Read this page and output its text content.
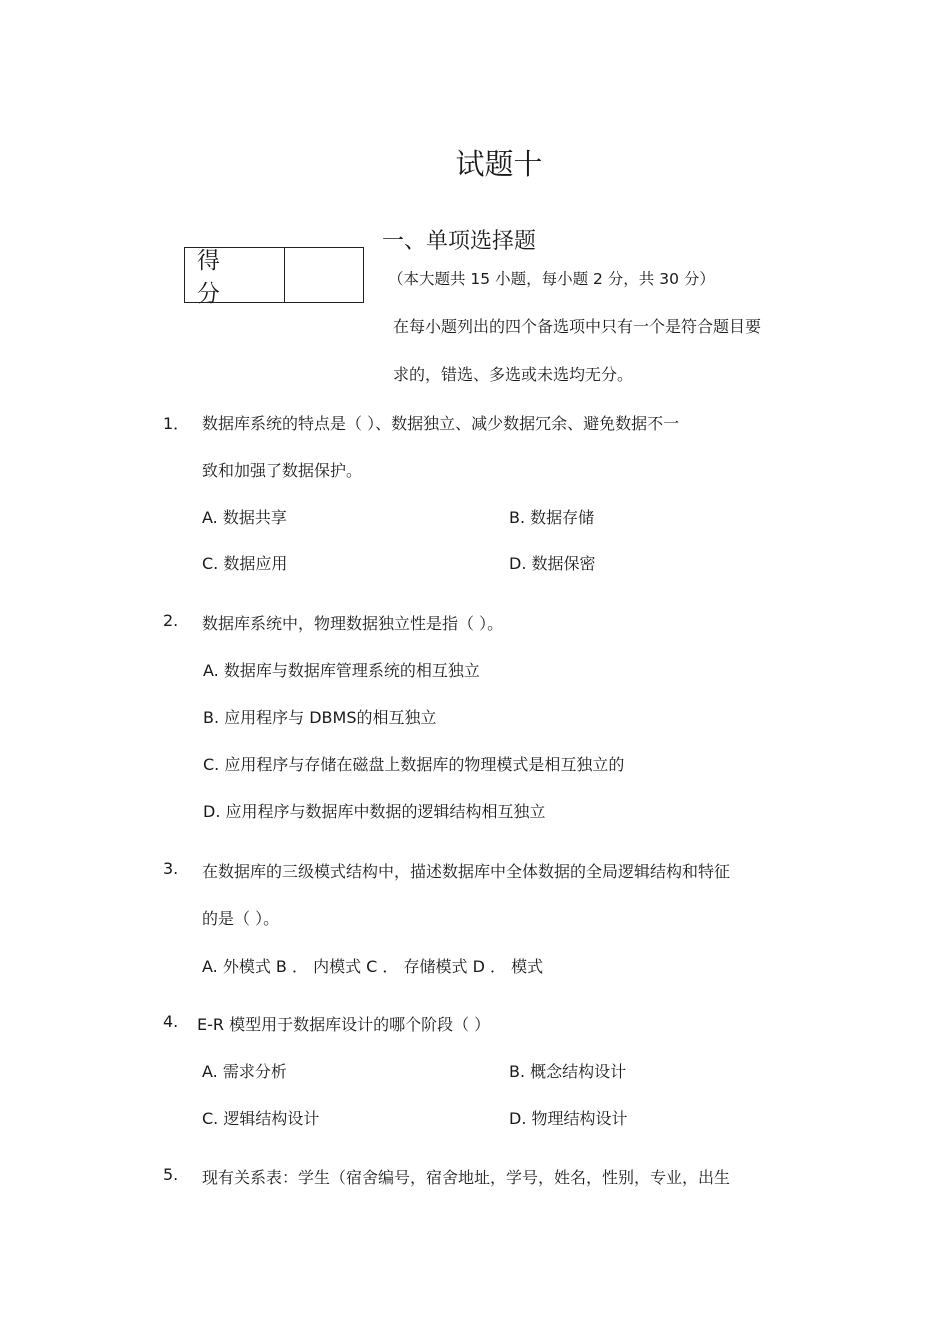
试题十
一、单项选择题
得 分
（本大题共 15 小题，每小题 2 分，共 30 分）
在每小题列出的四个备选项中只有一个是符合题目要
求的，错选、多选或未选均无分。
1． 数据库系统的特点是（ ）、数据独立、减少数据冗余、避免数据不一
致和加强了数据保护。
A. 数据共享	B. 数据存储
C. 数据应用	D. 数据保密
2. 数据库系统中，物理数据独立性是指（ ）。
A. 数据库与数据库管理系统的相互独立
B. 应用程序与 DBMS的相互独立
C. 应用程序与存储在磁盘上数据库的物理模式是相互独立的
D. 应用程序与数据库中数据的逻辑结构相互独立
3. 在数据库的三级模式结构中，描述数据库中全体数据的全局逻辑结构和特征
的是（ ）。
A. 外模式 B ． 内模式 C ． 存储模式 D ． 模式
4. E-R 模型用于数据库设计的哪个阶段（ ）
A. 需求分析	B. 概念结构设计
C. 逻辑结构设计	D. 物理结构设计
5. 现有关系表：学生（宿舍编号，宿舍地址，学号，姓名，性别，专业，出生
